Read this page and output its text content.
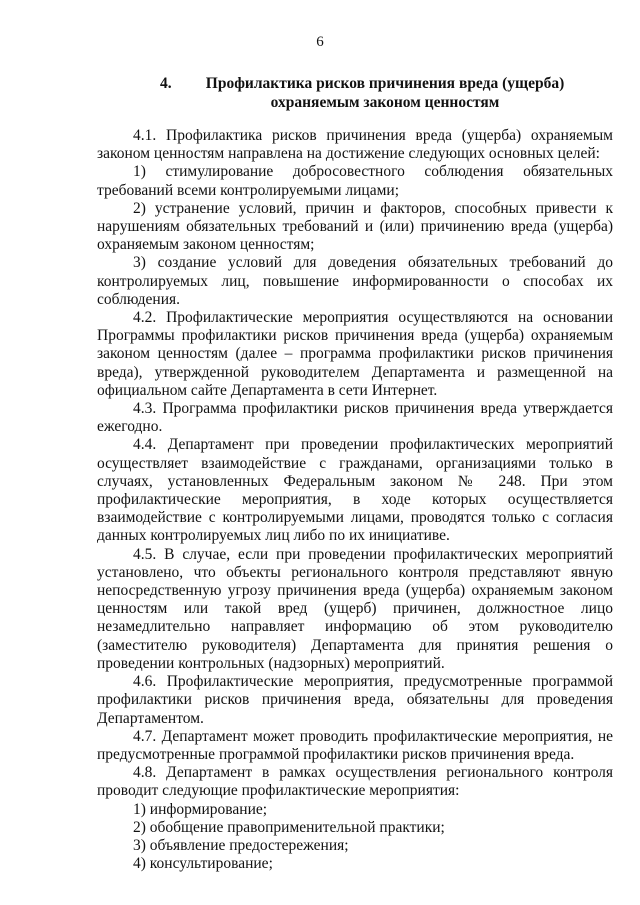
6
4.	Профилактика рисков причинения вреда (ущерба)
охраняемым законом ценностям

4.1. Профилактика рисков причинения вреда (ущерба) охраняемым законом ценностям направлена на достижение следующих основных целей:

1) стимулирование добросовестного соблюдения обязательных требований всеми контролируемыми лицами;

2) устранение условий, причин и факторов, способных привести к нарушениям обязательных требований и (или) причинению вреда (ущерба) охраняемым законом ценностям;

3) создание условий для доведения обязательных требований до контролируемых лиц, повышение информированности о способах их соблюдения.

4.2. Профилактические мероприятия осуществляются на основании Программы профилактики рисков причинения вреда (ущерба) охраняемым законом ценностям (далее – программа профилактики рисков причинения вреда), утвержденной руководителем Департамента и размещенной на официальном сайте Департамента в сети Интернет.

4.3. Программа профилактики рисков причинения вреда утверждается ежегодно.

4.4. Департамент при проведении профилактических мероприятий осуществляет взаимодействие с гражданами, организациями только в случаях, установленных Федеральным законом № 248. При этом профилактические мероприятия, в ходе которых осуществляется взаимодействие с контролируемыми лицами, проводятся только с согласия данных контролируемых лиц либо по их инициативе.

4.5. В случае, если при проведении профилактических мероприятий установлено, что объекты регионального контроля представляют явную непосредственную угрозу причинения вреда (ущерба) охраняемым законом ценностям или такой вред (ущерб) причинен, должностное лицо незамедлительно направляет информацию об этом руководителю (заместителю руководителя) Департамента для принятия решения о проведении контрольных (надзорных) мероприятий.

4.6. Профилактические мероприятия, предусмотренные программой профилактики рисков причинения вреда, обязательны для проведения Департаментом.

4.7. Департамент может проводить профилактические мероприятия, не предусмотренные программой профилактики рисков причинения вреда.

4.8. Департамент в рамках осуществления регионального контроля проводит следующие профилактические мероприятия:

1) информирование;

2) обобщение правоприменительной практики;

3) объявление предостережения;

4) консультирование;
